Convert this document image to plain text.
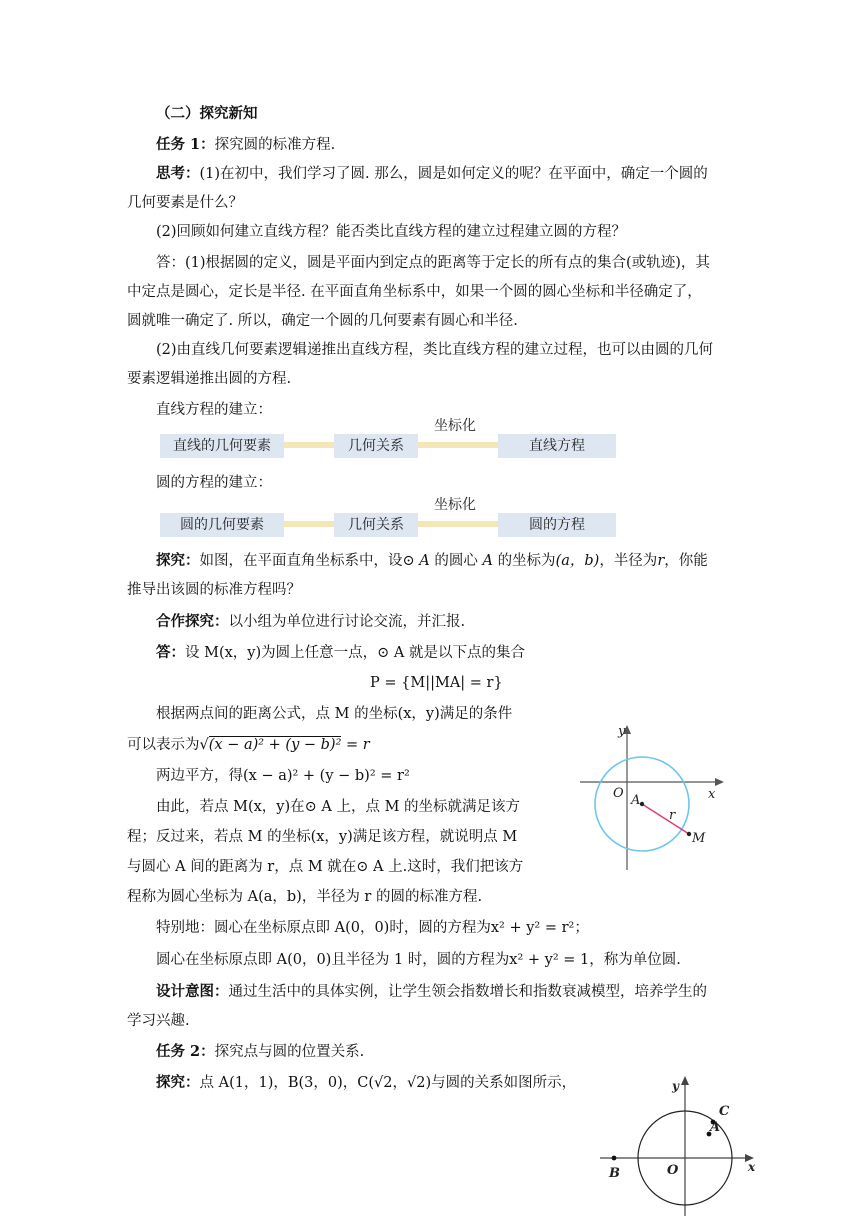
（二）探究新知

任务 1：探究圆的标准方程.

思考：(1)在初中，我们学习了圆. 那么，圆是如何定义的呢？在平面中，确定一个圆的

几何要素是什么？

(2)回顾如何建立直线方程？能否类比直线方程的建立过程建立圆的方程？

答：(1)根据圆的定义，圆是平面内到定点的距离等于定长的所有点的集合(或轨迹)，其

中定点是圆心，定长是半径. 在平面直角坐标系中，如果一个圆的圆心坐标和半径确定了，

圆就唯一确定了. 所以，确定一个圆的几何要素有圆心和半径.

(2)由直线几何要素逻辑递推出直线方程，类比直线方程的建立过程，也可以由圆的几何

要素逻辑递推出圆的方程.

直线方程的建立：

直线的几何要素	几何关系
坐标化
直线方程

圆的方程的建立：

圆的几何要素	几何关系
坐标化
圆的方程

探究：如图，在平面直角坐标系中，设⊙ A 的圆心 A 的坐标为(a，b)，半径为r，你能

推导出该圆的标准方程吗？

合作探究：以小组为单位进行讨论交流，并汇报.

答：设 M(x，y)为圆上任意一点，⊙ A 就是以下点的集合

P = {M||MA| = r}

根据两点间的距离公式，点 M 的坐标(x，y)满足的条件

可以表示为√(x − a)² + (y − b)² = r

两边平方，得(x − a)² + (y − b)² = r²

由此，若点 M(x，y)在⊙ A 上，点 M 的坐标就满足该方

程；反过来，若点 M 的坐标(x，y)满足该方程，就说明点 M

与圆心 A 间的距离为 r，点 M 就在⊙ A 上.这时，我们把该方

程称为圆心坐标为 A(a，b)，半径为 r 的圆的标准方程.

y
x
O A
r
M

特别地：圆心在坐标原点即 A(0，0)时，圆的方程为x² + y² = r²；

圆心在坐标原点即 A(0，0)且半径为 1 时，圆的方程为x² + y² = 1，称为单位圆.

设计意图：通过生活中的具体实例，让学生领会指数增长和指数衰减模型，培养学生的

学习兴趣.

任务 2：探究点与圆的位置关系.

探究：点 A(1，1)，B(3，0)，C(√2，√2)与圆的关系如图所示，	y
x
O
C
A
B
